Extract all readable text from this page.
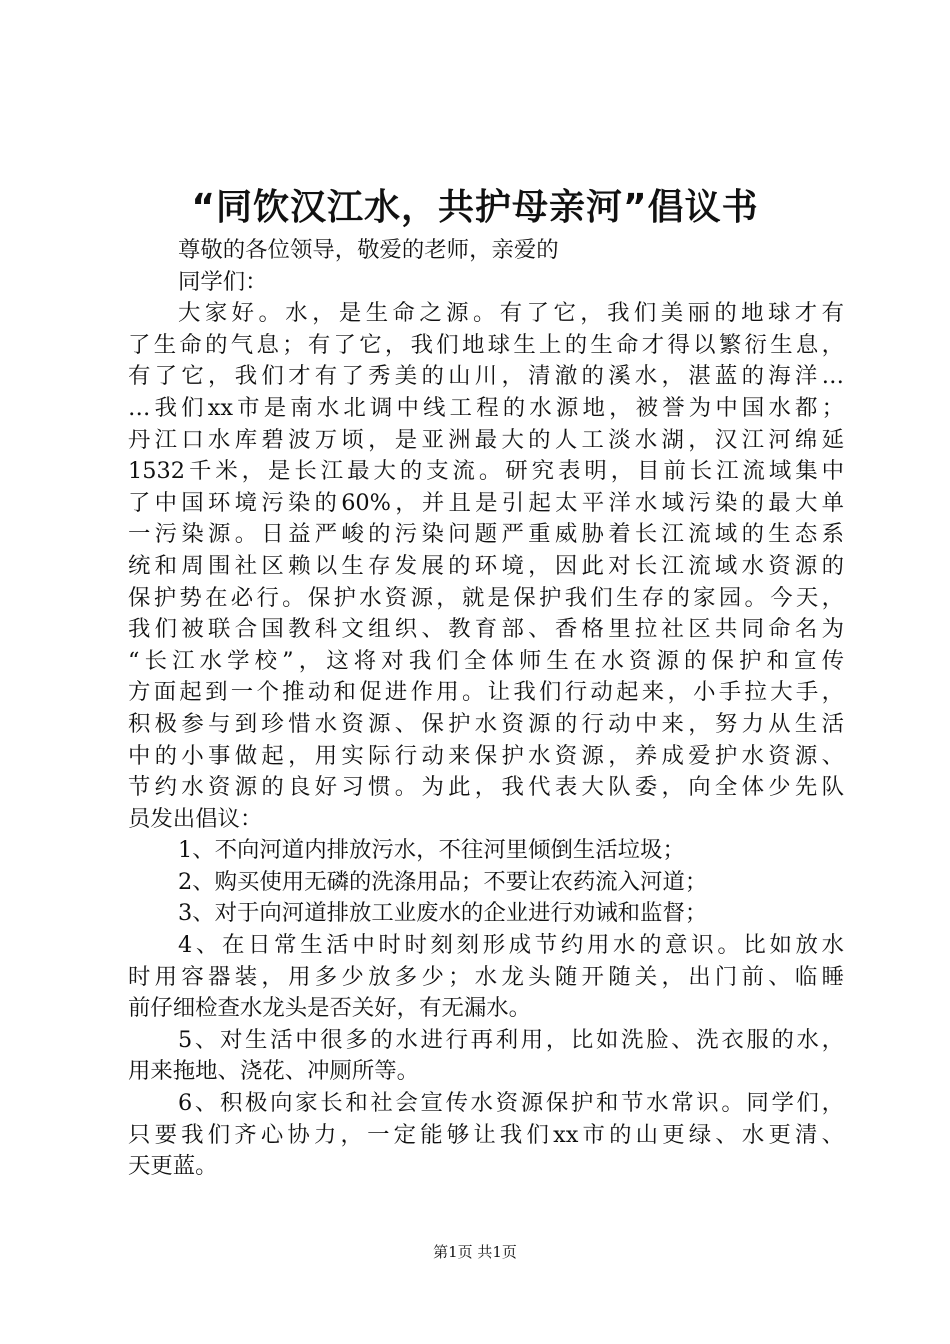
“同饮汉江水，共护母亲河”倡议书
尊敬的各位领导，敬爱的老师，亲爱的
同学们：
大家好。水，是生命之源。有了它，我们美丽的地球才有
了生命的气息；有了它，我们地球生上的生命才得以繁衍生息，
有了它，我们才有了秀美的山川，清澈的溪水，湛蓝的海洋…
…我们xx市是南水北调中线工程的水源地，被誉为中国水都；
丹江口水库碧波万顷，是亚洲最大的人工淡水湖，汉江河绵延
1532千米，是长江最大的支流。研究表明，目前长江流域集中
了中国环境污染的60%，并且是引起太平洋水域污染的最大单
一污染源。日益严峻的污染问题严重威胁着长江流域的生态系
统和周围社区赖以生存发展的环境，因此对长江流域水资源的
保护势在必行。保护水资源，就是保护我们生存的家园。今天，
我们被联合国教科文组织、教育部、香格里拉社区共同命名为
“长江水学校”，这将对我们全体师生在水资源的保护和宣传
方面起到一个推动和促进作用。让我们行动起来，小手拉大手，
积极参与到珍惜水资源、保护水资源的行动中来，努力从生活
中的小事做起，用实际行动来保护水资源，养成爱护水资源、
节约水资源的良好习惯。为此，我代表大队委，向全体少先队
员发出倡议：
1、不向河道内排放污水，不往河里倾倒生活垃圾；
2、购买使用无磷的洗涤用品；不要让农药流入河道；
3、对于向河道排放工业废水的企业进行劝诫和监督；
4、在日常生活中时时刻刻形成节约用水的意识。比如放水
时用容器装，用多少放多少；水龙头随开随关，出门前、临睡
前仔细检查水龙头是否关好，有无漏水。
5、对生活中很多的水进行再利用，比如洗脸、洗衣服的水，
用来拖地、浇花、冲厕所等。
6、积极向家长和社会宣传水资源保护和节水常识。同学们，
只要我们齐心协力，一定能够让我们xx市的山更绿、水更清、
天更蓝。
第1页 共1页
